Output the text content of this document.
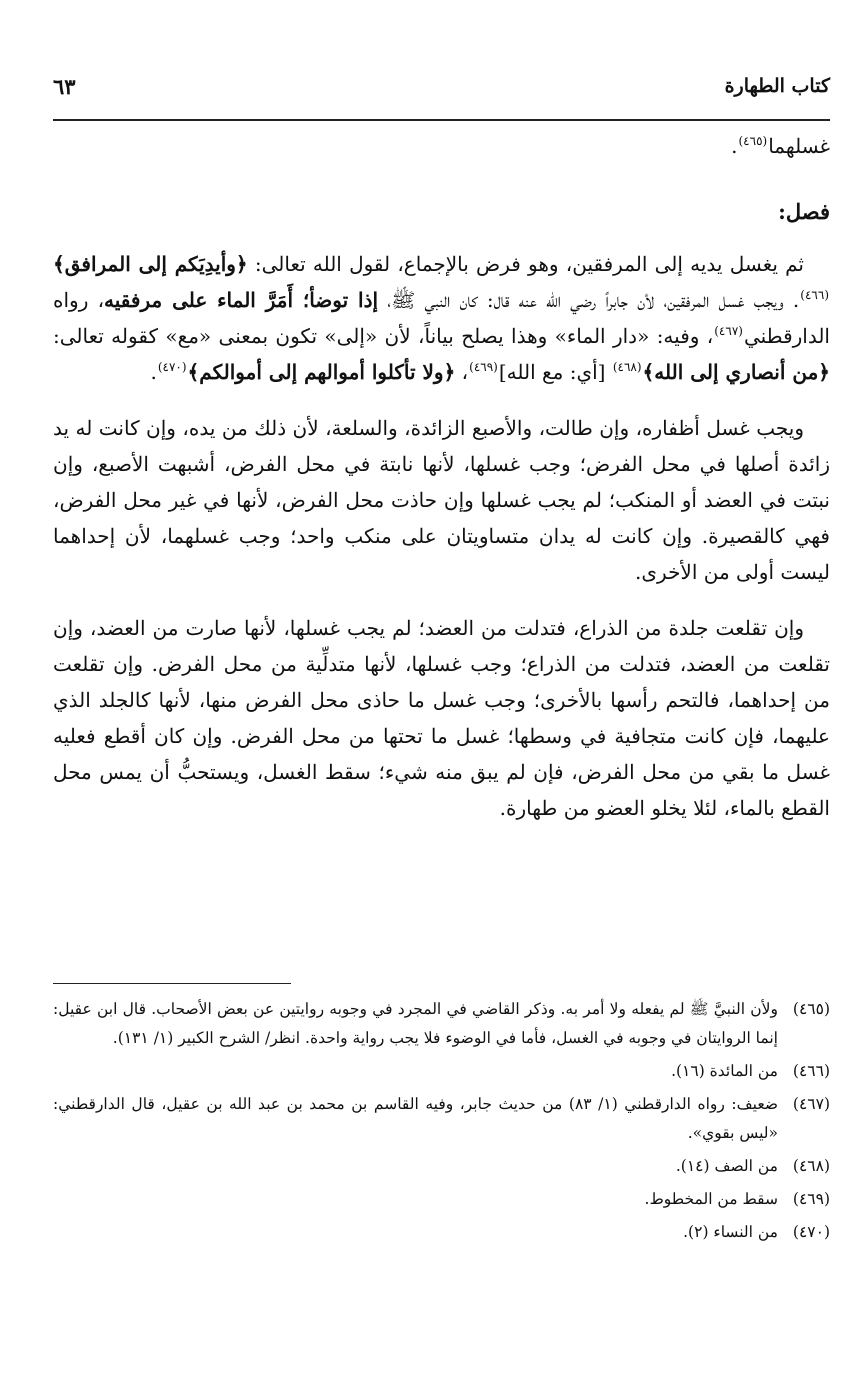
كتاب الطهارة
٦٣

غسلهما$^{(٤٦٥)}$.

فصل:

ثم يغسل يديه إلى المرفقين، وهو فرض بالإجماع، لقول الله تعالى: ﴿وأيدِيَكم إلى المرافق﴾$^{(٤٦٦)}$. ويجب غسل المرفقين، لأن جابراً رضي الله عنه قال: كان النبي ﷺ، إذا توضأ؛ أَمَرَّ الماء على مرفقيه، رواه الدارقطني$^{(٤٦٧)}$، وفيه: «دار الماء» وهذا يصلح بياناً، لأن «إلى» تكون بمعنى «مع» كقوله تعالى: ﴿من أنصاري إلى الله﴾$^{(٤٦٨)}$ [أي: مع الله]$^{(٤٦٩)}$، ﴿ولا تأكلوا أموالهم إلى أموالكم﴾$^{(٤٧٠)}$.

ويجب غسل أظفاره، وإن طالت، والأصبع الزائدة، والسلعة، لأن ذلك من يده، وإن كانت له يد زائدة أصلها في محل الفرض؛ وجب غسلها، لأنها نابتة في محل الفرض، أشبهت الأصبع، وإن نبتت في العضد أو المنكب؛ لم يجب غسلها وإن حاذت محل الفرض، لأنها في غير محل الفرض، فهي كالقصيرة. وإن كانت له يدان متساويتان على منكب واحد؛ وجب غسلهما، لأن إحداهما ليست أولى من الأخرى.

وإن تقلعت جلدة من الذراع، فتدلت من العضد؛ لم يجب غسلها، لأنها صارت من العضد، وإن تقلعت من العضد، فتدلت من الذراع؛ وجب غسلها، لأنها متدلِّية من محل الفرض. وإن تقلعت من إحداهما، فالتحم رأسها بالأخرى؛ وجب غسل ما حاذى محل الفرض منها، لأنها كالجلد الذي عليهما، فإن كانت متجافية في وسطها؛ غسل ما تحتها من محل الفرض. وإن كان أقطع فعليه غسل ما بقي من محل الفرض، فإن لم يبق منه شيء؛ سقط الغسل، ويستحبُّ أن يمس محل القطع بالماء، لئلا يخلو العضو من طهارة.

(٤٦٥)
ولأن النبيَّ ﷺ لم يفعله ولا أمر به. وذكر القاضي في المجرد في وجوبه روايتين عن بعض الأصحاب. قال ابن عقيل: إنما الروايتان في وجوبه في الغسل، فأما في الوضوء فلا يجب رواية واحدة. انظر/ الشرح الكبير (١/ ١٣١).
(٤٦٦)
من المائدة (١٦).
(٤٦٧)
ضعيف: رواه الدارقطني (١/ ٨٣) من حديث جابر، وفيه القاسم بن محمد بن عبد الله بن عقيل، قال الدارقطني: «ليس بقوي».
(٤٦٨)
من الصف (١٤).
(٤٦٩)
سقط من المخطوط.
(٤٧٠)
من النساء (٢).
